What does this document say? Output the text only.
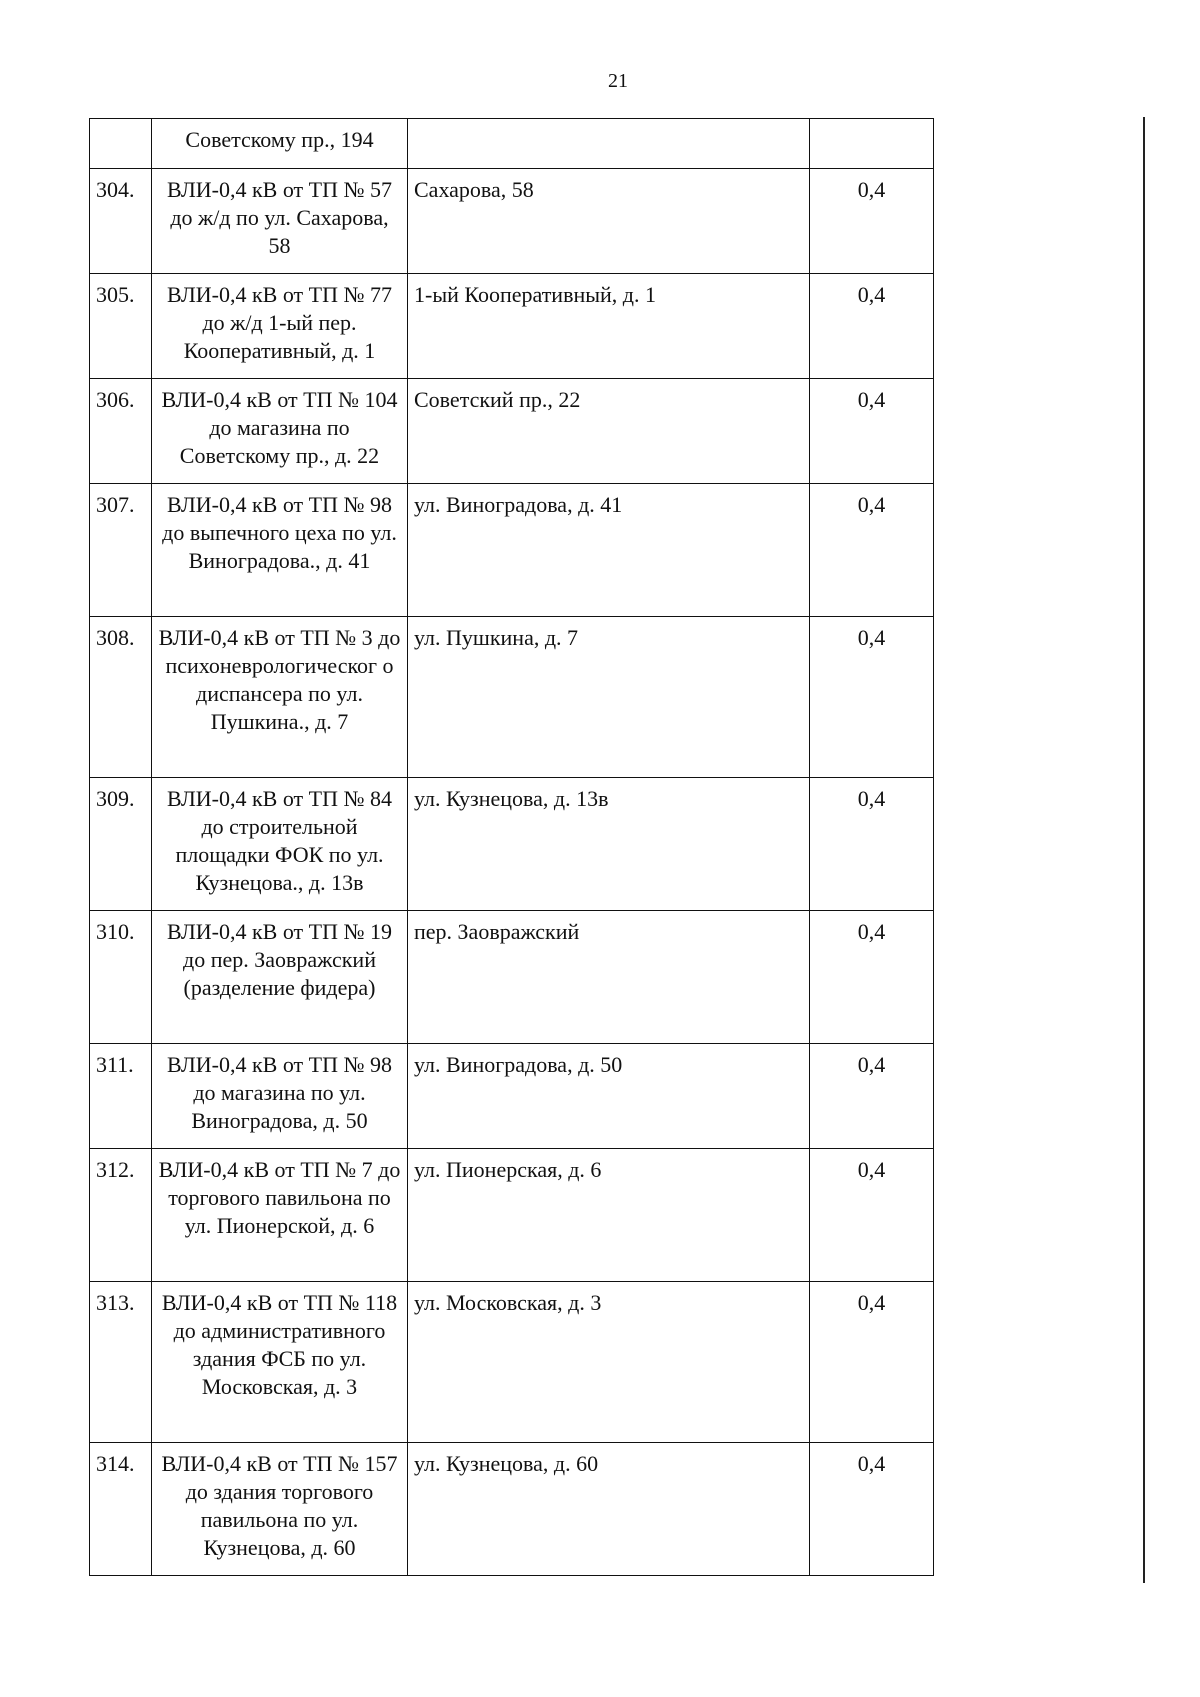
21
	Советскому пр., 194		
304.	ВЛИ-0,4 кВ от ТП № 57 до ж/д по ул. Сахарова, 58	Сахарова, 58	0,4
305.	ВЛИ-0,4 кВ от ТП № 77 до ж/д 1-ый пер. Кооперативный, д. 1	1-ый Кооперативный, д. 1	0,4
306.	ВЛИ-0,4 кВ от ТП № 104 до магазина по Советскому пр., д. 22	Советский пр., 22	0,4
307.	ВЛИ-0,4 кВ от ТП № 98 до выпечного цеха по ул. Виноградова., д. 41	ул. Виноградова, д. 41	0,4
308.	ВЛИ-0,4 кВ от ТП № 3 до психоневрологическог о диспансера по ул. Пушкина., д. 7	ул. Пушкина, д. 7	0,4
309.	ВЛИ-0,4 кВ от ТП № 84 до строительной площадки ФОК по ул. Кузнецова., д. 13в	ул. Кузнецова, д. 13в	0,4
310.	ВЛИ-0,4 кВ от ТП № 19 до пер. Заовражский (разделение фидера)	пер. Заовражский	0,4
311.	ВЛИ-0,4 кВ от ТП № 98 до магазина по ул. Виноградова, д. 50	ул. Виноградова, д. 50	0,4
312.	ВЛИ-0,4 кВ от ТП № 7 до торгового павильона по ул. Пионерской, д. 6	ул. Пионерская, д. 6	0,4
313.	ВЛИ-0,4 кВ от ТП № 118 до административного здания ФСБ по ул. Московская, д. 3	ул. Московская, д. 3	0,4
314.	ВЛИ-0,4 кВ от ТП № 157 до здания торгового павильона по ул. Кузнецова, д. 60	ул. Кузнецова, д. 60	0,4
